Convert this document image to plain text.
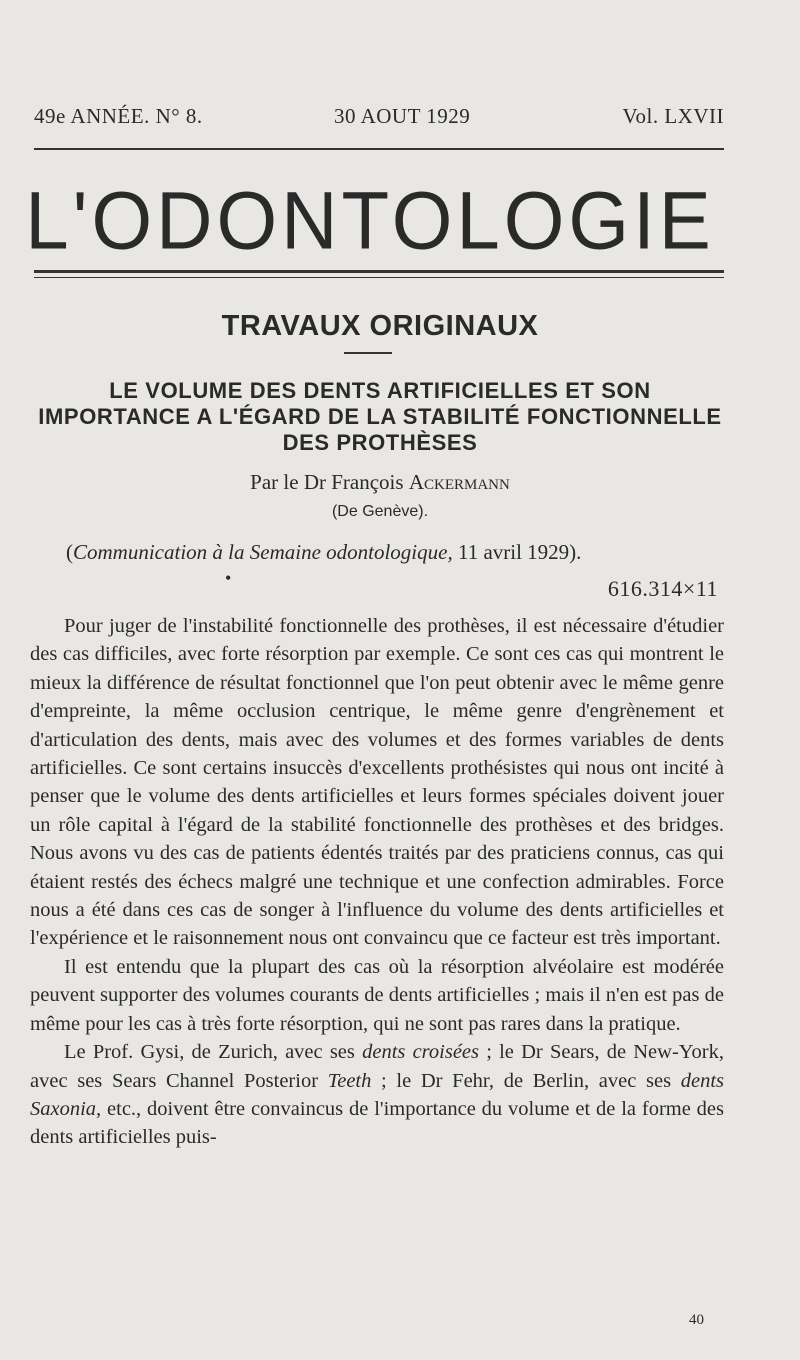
49e ANNÉE. N° 8.	30 AOUT 1929	Vol. LXVII
L'ODONTOLOGIE
TRAVAUX ORIGINAUX
LE VOLUME DES DENTS ARTIFICIELLES ET SON IMPORTANCE A L'ÉGARD DE LA STABILITÉ FONCTIONNELLE DES PROTHÈSES
Par le Dr François Ackermann
(De Genève).
(Communication à la Semaine odontologique, 11 avril 1929).
•	616.314×11

Pour juger de l'instabilité fonctionnelle des prothèses, il est nécessaire d'étudier des cas difficiles, avec forte résorption par exemple. Ce sont ces cas qui montrent le mieux la différence de résultat fonctionnel que l'on peut obtenir avec le même genre d'empreinte, la même occlusion centrique, le même genre d'engrènement et d'articulation des dents, mais avec des volumes et des formes variables de dents artificielles. Ce sont certains insuccès d'excellents prothésistes qui nous ont incité à penser que le volume des dents artificielles et leurs formes spéciales doivent jouer un rôle capital à l'égard de la stabilité fonctionnelle des prothèses et des bridges. Nous avons vu des cas de patients édentés traités par des praticiens connus, cas qui étaient restés des échecs malgré une technique et une confection admirables. Force nous a été dans ces cas de songer à l'influence du volume des dents artificielles et l'expérience et le raisonnement nous ont convaincu que ce facteur est très important.

Il est entendu que la plupart des cas où la résorption alvéolaire est modérée peuvent supporter des volumes courants de dents artificielles ; mais il n'en est pas de même pour les cas à très forte résorption, qui ne sont pas rares dans la pratique.

Le Prof. Gysi, de Zurich, avec ses dents croisées ; le Dr Sears, de New-York, avec ses Sears Channel Posterior Teeth ; le Dr Fehr, de Berlin, avec ses dents Saxonia, etc., doivent être convaincus de l'importance du volume et de la forme des dents artificielles puis-

40
